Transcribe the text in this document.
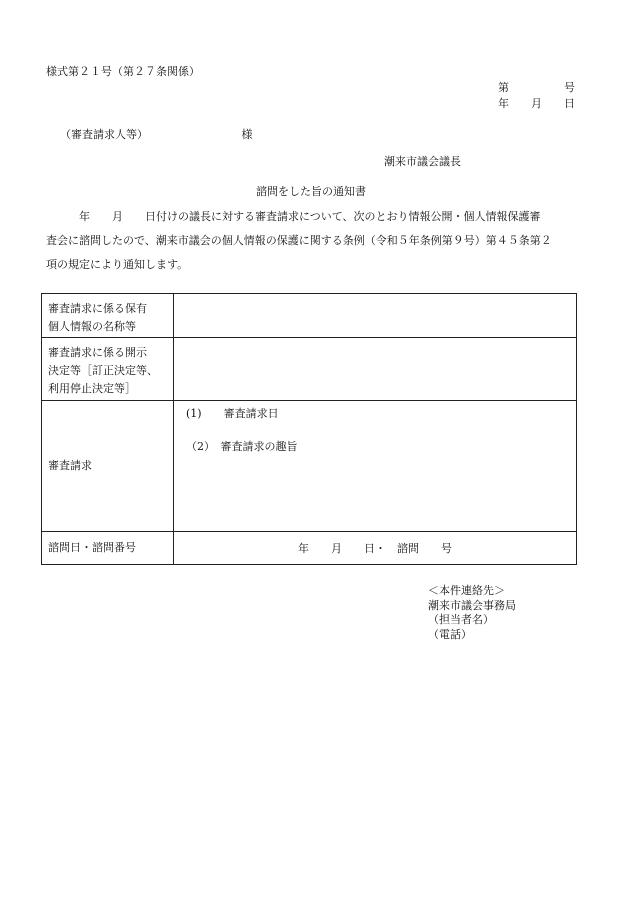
様式第２１号（第２７条関係）
第　　　　　号
年　　月　　日
（審査請求人等）　　　　　　　　　様
潮来市議会議長
諮問をした旨の通知書
　　　年　　月　　日付けの議長に対する審査請求について、次のとおり情報公開・個人情報保護審
査会に諮問したので、潮来市議会の個人情報の保護に関する条例（令和５年条例第９号）第４５条第２
項の規定により通知します。
審査請求に係る保有
個人情報の名称等	

審査請求に係る開示
決定等［訂正決定等、
利用停止決定等］	

審査請求	(1)　　審査請求日
（2）　審査請求の趣旨

諮問日・諮問番号	年　　月　　日・　諮問　　号
＜本件連絡先＞
潮来市議会事務局
（担当者名）
（電話）
